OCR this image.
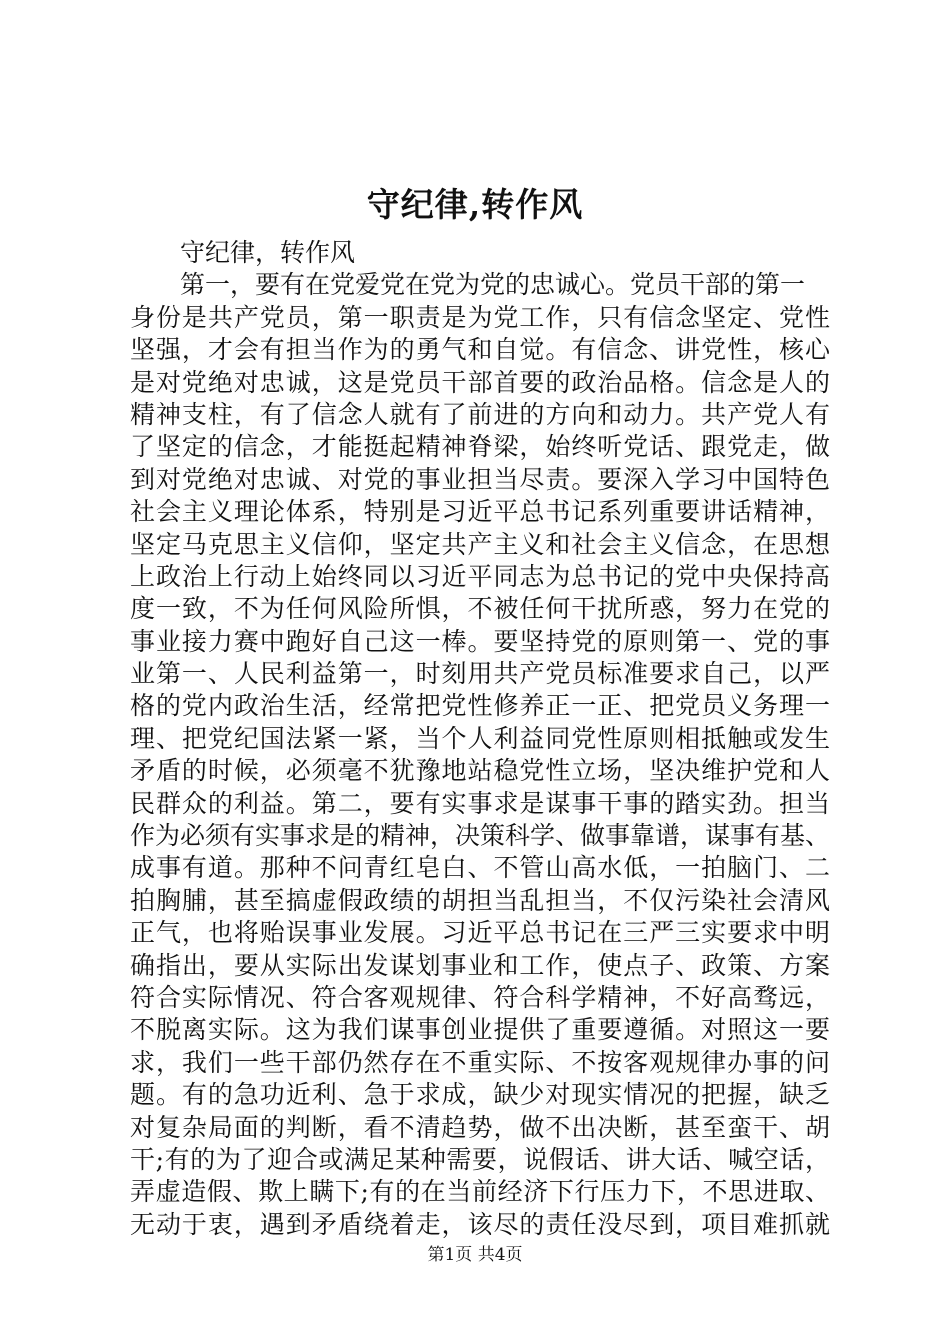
守纪律,转作风
守纪律，转作风
第一，要有在党爱党在党为党的忠诚心。党员干部的第一
身份是共产党员，第一职责是为党工作，只有信念坚定、党性
坚强，才会有担当作为的勇气和自觉。有信念、讲党性，核心
是对党绝对忠诚，这是党员干部首要的政治品格。信念是人的
精神支柱，有了信念人就有了前进的方向和动力。共产党人有
了坚定的信念，才能挺起精神脊梁，始终听党话、跟党走，做
到对党绝对忠诚、对党的事业担当尽责。要深入学习中国特色
社会主义理论体系，特别是习近平总书记系列重要讲话精神，
坚定马克思主义信仰，坚定共产主义和社会主义信念，在思想
上政治上行动上始终同以习近平同志为总书记的党中央保持高
度一致，不为任何风险所惧，不被任何干扰所惑，努力在党的
事业接力赛中跑好自己这一棒。要坚持党的原则第一、党的事
业第一、人民利益第一，时刻用共产党员标准要求自己，以严
格的党内政治生活，经常把党性修养正一正、把党员义务理一
理、把党纪国法紧一紧，当个人利益同党性原则相抵触或发生
矛盾的时候，必须毫不犹豫地站稳党性立场，坚决维护党和人
民群众的利益。第二，要有实事求是谋事干事的踏实劲。担当
作为必须有实事求是的精神，决策科学、做事靠谱，谋事有基、
成事有道。那种不问青红皂白、不管山高水低，一拍脑门、二
拍胸脯，甚至搞虚假政绩的胡担当乱担当，不仅污染社会清风
正气，也将贻误事业发展。习近平总书记在三严三实要求中明
确指出，要从实际出发谋划事业和工作，使点子、政策、方案
符合实际情况、符合客观规律、符合科学精神，不好高骛远，
不脱离实际。这为我们谋事创业提供了重要遵循。对照这一要
求，我们一些干部仍然存在不重实际、不按客观规律办事的问
题。有的急功近利、急于求成，缺少对现实情况的把握，缺乏
对复杂局面的判断，看不清趋势，做不出决断，甚至蛮干、胡
干;有的为了迎合或满足某种需要，说假话、讲大话、喊空话，
弄虚造假、欺上瞒下;有的在当前经济下行压力下，不思进取、
无动于衷，遇到矛盾绕着走，该尽的责任没尽到，项目难抓就
第1页 共4页
